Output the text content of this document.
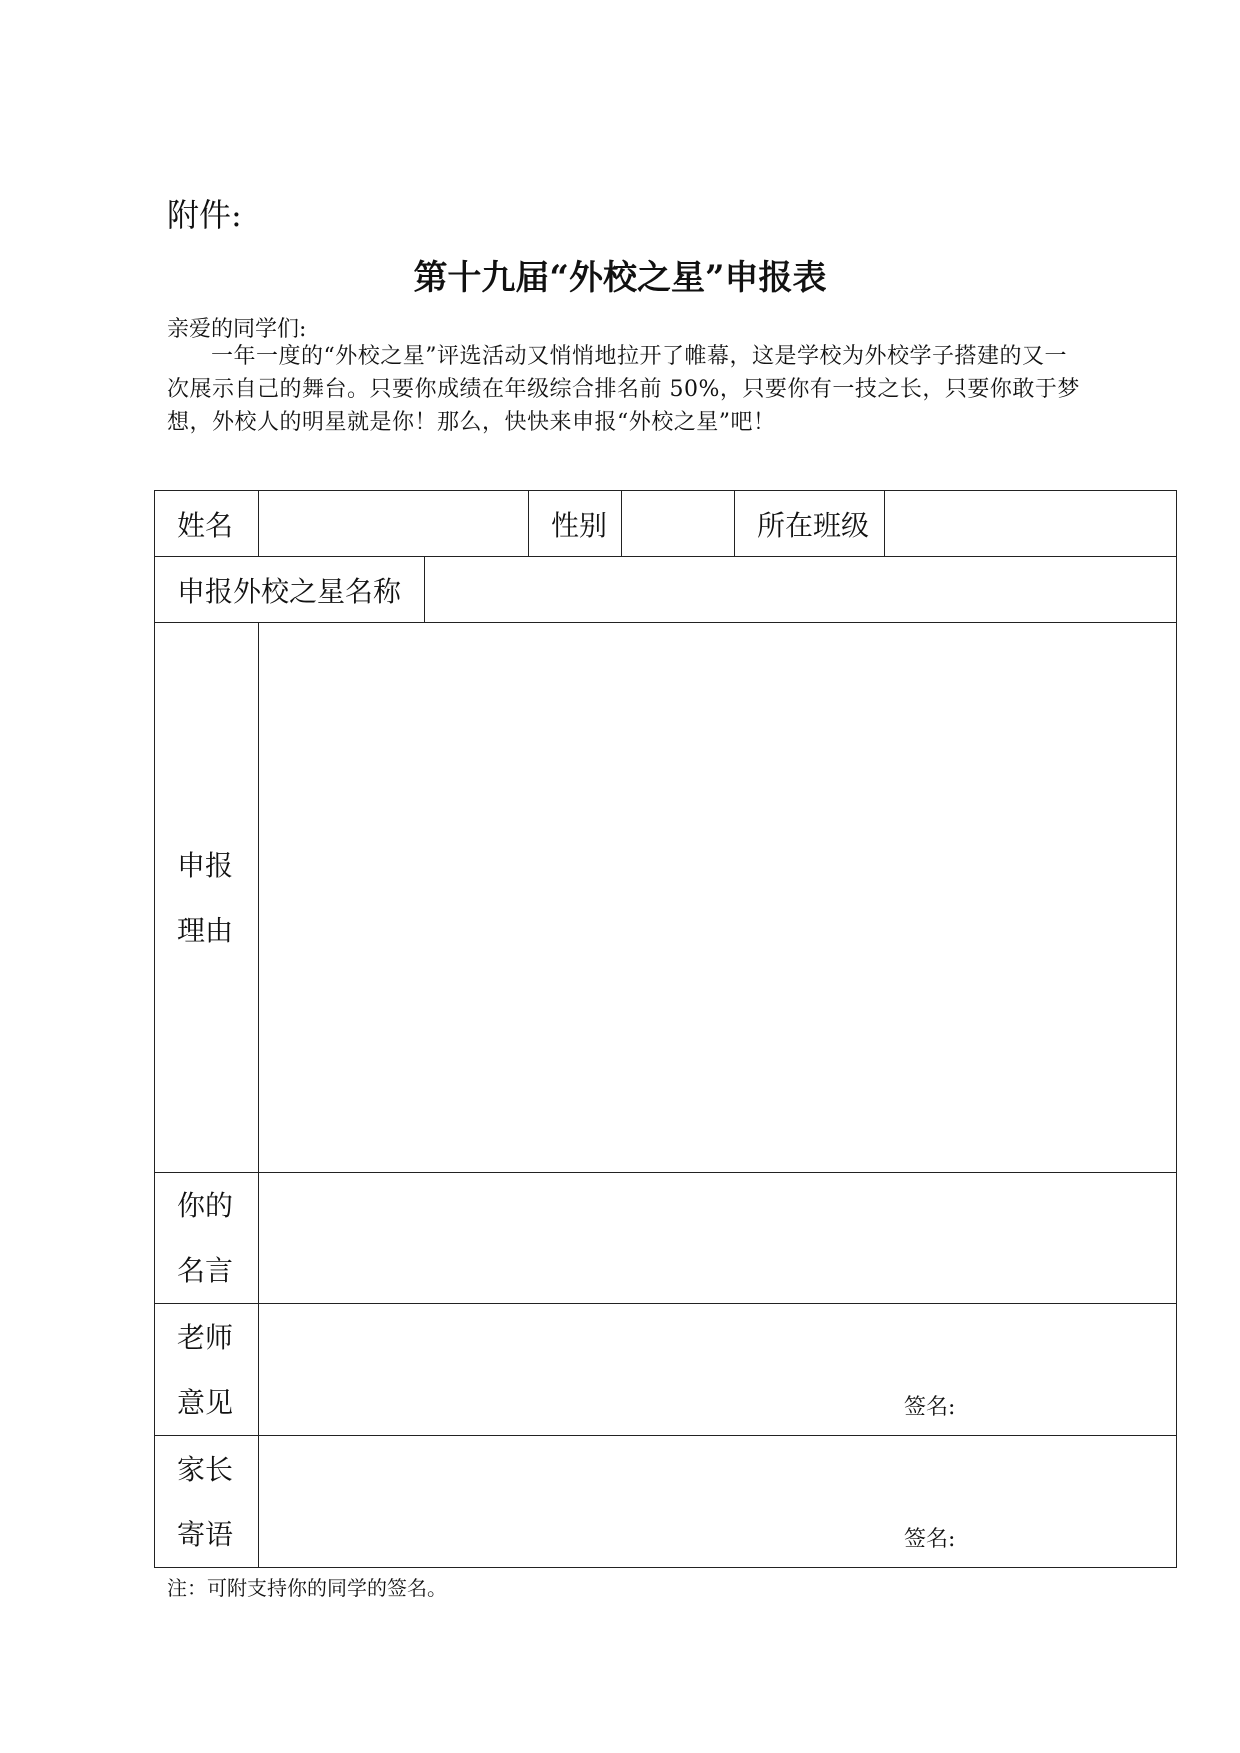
附件:
第十九届“外校之星”申报表
亲爱的同学们:
一年一度的“外校之星”评选活动又悄悄地拉开了帷幕，这是学校为外校学子搭建的又一次展示自己的舞台。只要你成绩在年级综合排名前 50%，只要你有一技之长，只要你敢于梦想，外校人的明星就是你！那么，快快来申报“外校之星”吧！
姓名			性别		所在班级	
申报外校之星名称						

申报
理由						

你的
名言						

老师
意见	签名:					

家长
寄语	签名:					
注：可附支持你的同学的签名。
